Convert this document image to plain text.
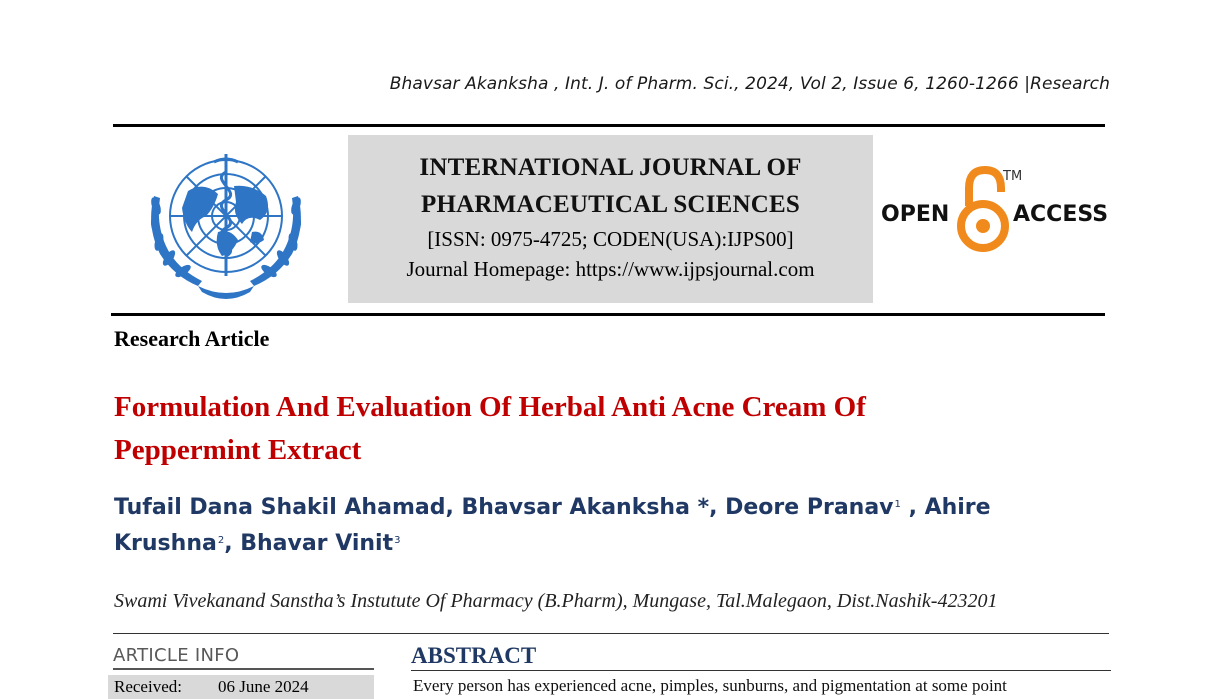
Bhavsar Akanksha , Int. J. of Pharm. Sci., 2024, Vol 2, Issue 6, 1260-1266 |Research
INTERNATIONAL JOURNAL OF
PHARMACEUTICAL SCIENCES
[ISSN: 0975-4725; CODEN(USA):IJPS00]
Journal Homepage: https://www.ijpsjournal.com
OPEN
TM
ACCESS
Research Article
Formulation And Evaluation Of Herbal Anti Acne Cream Of
Peppermint Extract
Tufail Dana Shakil Ahamad, Bhavsar Akanksha *, Deore Pranav$^1$ , Ahire
Krushna$^2$, Bhavar Vinit$^3$
Swami Vivekanand Sanstha’s Instutute Of Pharmacy (B.Pharm), Mungase, Tal.Malegaon, Dist.Nashik-423201
ARTICLE INFO
Received: 06 June 2024
ABSTRACT
Every person has experienced acne, pimples, sunburns, and pigmentation at some point
